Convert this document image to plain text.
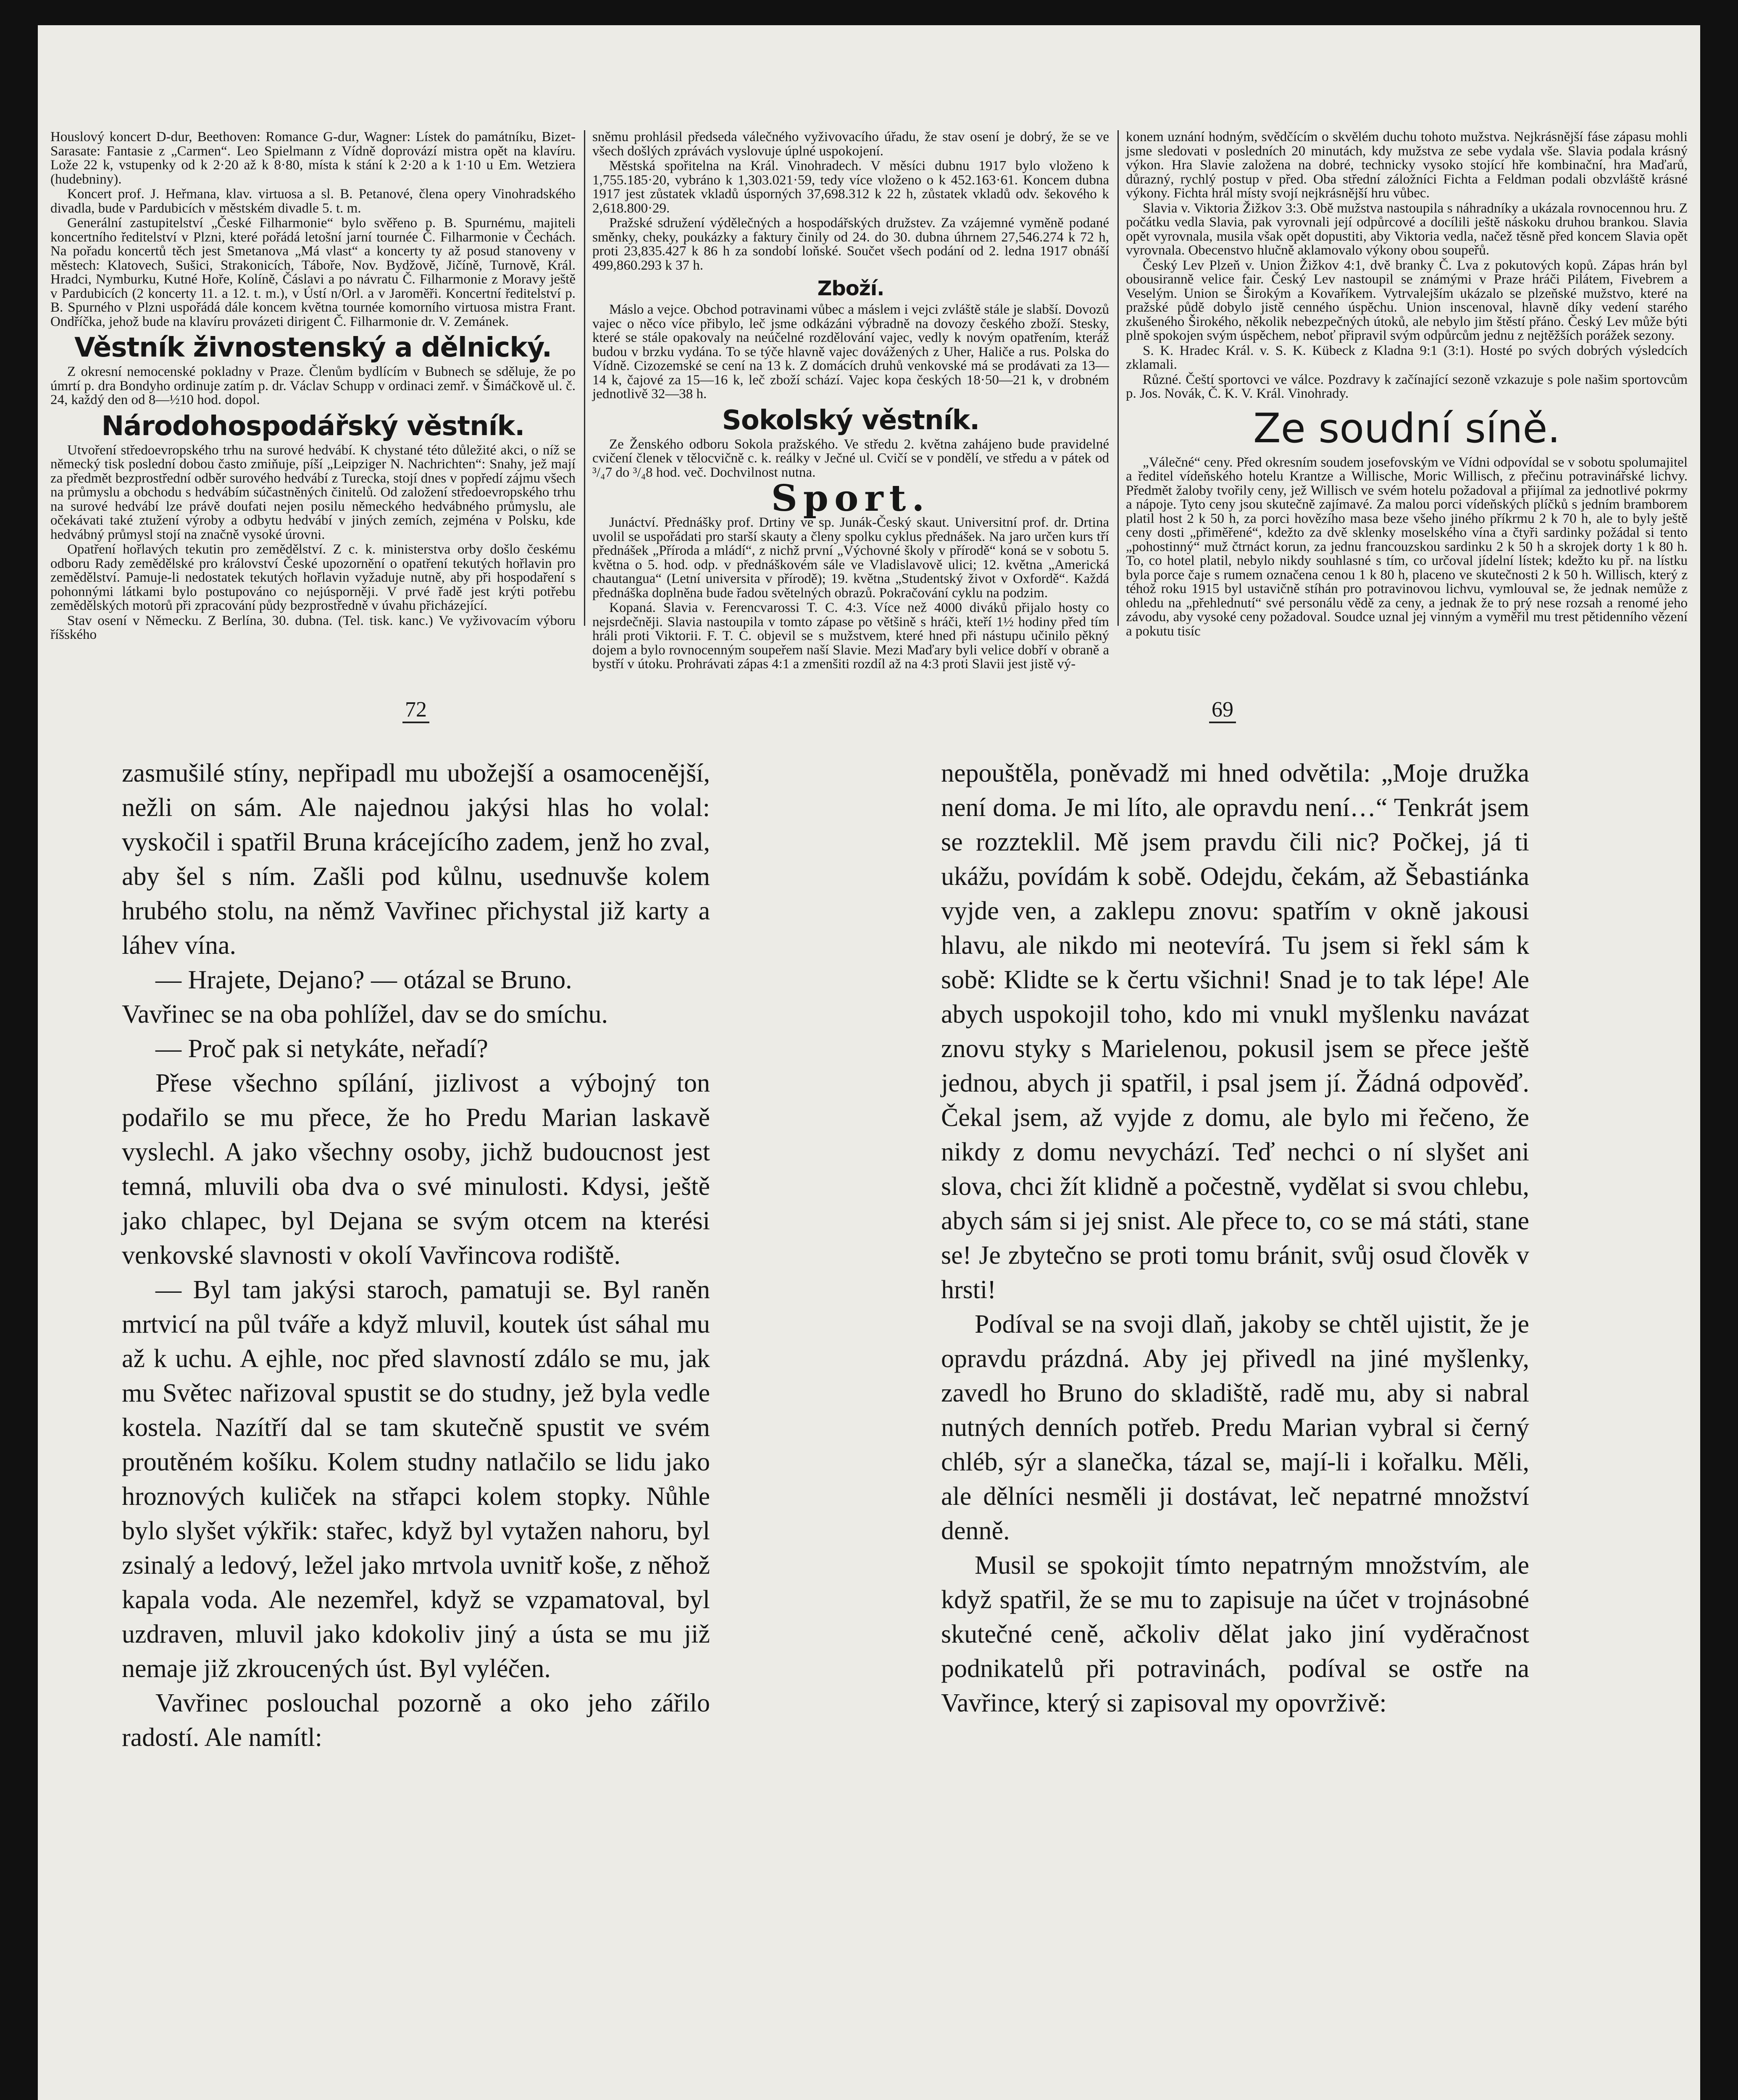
Houslový koncert D-dur, Beethoven: Romance G-dur, Wagner: Lístek do památníku, Bizet-Sarasate: Fantasie z „Carmen“. Leo Spielmann z Vídně doprovází mistra opět na klavíru. Lože 22 k, vstupenky od k 2·20 až k 8·80, místa k stání k 2·20 a k 1·10 u Em. Wetziera (hudebniny).

Koncert prof. J. Heřmana, klav. virtuosa a sl. B. Petanové, člena opery Vinohradského divadla, bude v Pardubicích v městském divadle 5. t. m.

Generální zastupitelství „České Filharmonie“ bylo svěřeno p. B. Spurnému, majiteli koncertního ředitelství v Plzni, které pořádá letošní jarní tournée Č. Filharmonie v Čechách. Na pořadu koncertů těch jest Smetanova „Má vlast“ a koncerty ty až posud stanoveny v městech: Klatovech, Sušici, Strakonicích, Táboře, Nov. Bydžově, Jičíně, Turnově, Král. Hradci, Nymburku, Kutné Hoře, Kolíně, Čáslavi a po návratu Č. Filharmonie z Moravy ještě v Pardubicích (2 koncerty 11. a 12. t. m.), v Ústí n/Orl. a v Jaroměři. Koncertní ředitelství p. B. Spurného v Plzni uspořádá dále koncem května tournée komorního virtuosa mistra Frant. Ondříčka, jehož bude na klavíru provázeti dirigent Č. Filharmonie dr. V. Zemánek.

Věstník živnostenský a dělnický.

Z okresní nemocenské pokladny v Praze. Členům bydlícím v Bubnech se sděluje, že po úmrtí p. dra Bondyho ordinuje zatím p. dr. Václav Schupp v ordinaci zemř. v Šimáčkově ul. č. 24, každý den od 8—½10 hod. dopol.

Národohospodářský věstník.

Utvoření středoevropského trhu na surové hedvábí. K chystané této důležité akci, o níž se německý tisk poslední dobou často zmiňuje, píší „Leipziger N. Nachrichten“: Snahy, jež mají za předmět bezprostřední odběr surového hedvábí z Turecka, stojí dnes v popředí zájmu všech na průmyslu a obchodu s hedvábím súčastněných činitelů. Od založení středoevropského trhu na surové hedvábí lze právě doufati nejen posilu německého hedvábného průmyslu, ale očekávati také ztužení výroby a odbytu hedvábí v jiných zemích, zejména v Polsku, kde hedvábný průmysl stojí na značně vysoké úrovni.

Opatření hořlavých tekutin pro zemědělství. Z c. k. ministerstva orby došlo českému odboru Rady zemědělské pro království České upozornění o opatření tekutých hořlavin pro zemědělství. Pamuje-li nedostatek tekutých hořlavin vyžaduje nutně, aby při hospodaření s pohonnými látkami bylo postupováno co nejúsporněji. V prvé řadě jest krýti potřebu zemědělských motorů při zpracování půdy bezprostředně v úvahu přicházející.

Stav osení v Německu. Z Berlína, 30. dubna. (Tel. tisk. kanc.) Ve vyživovacím výboru říšského

sněmu prohlásil předseda válečného vyživovacího úřadu, že stav osení je dobrý, že se ve všech došlých zprávách vyslovuje úplné uspokojení.

Městská spořitelna na Král. Vinohradech. V měsíci dubnu 1917 bylo vloženo k 1,755.185·20, vybráno k 1,303.021·59, tedy více vloženo o k 452.163·61. Koncem dubna 1917 jest zůstatek vkladů úsporných 37,698.312 k 22 h, zůstatek vkladů odv. šekového k 2,618.800·29.

Pražské sdružení výdělečných a hospodářských družstev. Za vzájemné vyměně podané směnky, cheky, poukázky a faktury činily od 24. do 30. dubna úhrnem 27,546.274 k 72 h, proti 23,835.427 k 86 h za sondobí loňské. Součet všech podání od 2. ledna 1917 obnáší 499,860.293 k 37 h.

Zboží.

Máslo a vejce. Obchod potravinami vůbec a máslem i vejci zvláště stále je slabší. Dovozů vajec o něco více přibylo, leč jsme odkázáni výbradně na dovozy českého zboží. Stesky, které se stále opakovaly na neúčelné rozdělování vajec, vedly k novým opatřením, kteráž budou v brzku vydána. To se týče hlavně vajec dovážených z Uher, Haliče a rus. Polska do Vídně. Cizozemské se cení na 13 k. Z domácích druhů venkovské má se prodávati za 13—14 k, čajové za 15—16 k, leč zboží schází. Vajec kopa českých 18·50—21 k, v drobném jednotlivě 32—38 h.

Sokolský věstník.

Ze Ženského odboru Sokola pražského. Ve středu 2. května zahájeno bude pravidelné cvičení členek v tělocvičně c. k. reálky v Ječné ul. Cvičí se v pondělí, ve středu a v pátek od ³/₄7 do ³/₄8 hod. več. Dochvilnost nutna.

Sport.

Junáctví. Přednášky prof. Drtiny ve sp. Junák-Český skaut. Universitní prof. dr. Drtina uvolil se uspořádati pro starší skauty a členy spolku cyklus přednášek. Na jaro určen kurs tří přednášek „Příroda a mládí“, z nichž první „Výchovné školy v přírodě“ koná se v sobotu 5. května o 5. hod. odp. v přednáškovém sále ve Vladislavově ulici; 12. května „Americká chautangua“ (Letní universita v přírodě); 19. května „Studentský život v Oxfordě“. Každá přednáška doplněna bude řadou světelných obrazů. Pokračování cyklu na podzim.

Kopaná. Slavia v. Ferencvarossi T. C. 4:3. Více než 4000 diváků přijalo hosty co nejsrdečněji. Slavia nastoupila v tomto zápase po většině s hráči, kteří 1½ hodiny před tím hráli proti Viktorii. F. T. C. objevil se s mužstvem, které hned při nástupu učinilo pěkný dojem a bylo rovnocenným soupeřem naší Slavie. Mezi Maďary byli velice dobří v obraně a bystří v útoku. Prohrávati zápas 4:1 a zmenšiti rozdíl až na 4:3 proti Slavii jest jistě vý-

konem uznání hodným, svědčícím o skvělém duchu tohoto mužstva. Nejkrásnější fáse zápasu mohli jsme sledovati v posledních 20 minutách, kdy mužstva ze sebe vydala vše. Slavia podala krásný výkon. Hra Slavie založena na dobré, technicky vysoko stojící hře kombinační, hra Maďarů, důrazný, rychlý postup v před. Oba střední záložníci Fichta a Feldman podali obzvláště krásné výkony. Fichta hrál místy svojí nejkrásnější hru vůbec.

Slavia v. Viktoria Žižkov 3:3. Obě mužstva nastoupila s náhradníky a ukázala rovnocennou hru. Z počátku vedla Slavia, pak vyrovnali její odpůrcové a docílili ještě náskoku druhou brankou. Slavia opět vyrovnala, musila však opět dopustiti, aby Viktoria vedla, načež těsně před koncem Slavia opět vyrovnala. Obecenstvo hlučně aklamovalo výkony obou soupeřů.

Český Lev Plzeň v. Union Žižkov 4:1, dvě branky Č. Lva z pokutových kopů. Zápas hrán byl obousiranně velice fair. Český Lev nastoupil se známými v Praze hráči Pilátem, Fivebrem a Veselým. Union se Širokým a Kovaříkem. Vytrvalejším ukázalo se plzeňské mužstvo, které na pražské půdě dobylo jistě cenného úspěchu. Union inscenoval, hlavně díky vedení starého zkušeného Širokého, několik nebezpečných útoků, ale nebylo jim štěstí přáno. Český Lev může býti plně spokojen svým úspěchem, neboť připravil svým odpůrcům jednu z nejtěžších porážek sezony.

S. K. Hradec Král. v. S. K. Kübeck z Kladna 9:1 (3:1). Hosté po svých dobrých výsledcích zklamali.

Různé. Čeští sportovci ve válce. Pozdravy k začínající sezoně vzkazuje s pole našim sportovcům p. Jos. Novák, Č. K. V. Král. Vinohrady.

Ze soudní síně.

„Válečné“ ceny. Před okresním soudem josefovským ve Vídni odpovídal se v sobotu spolumajitel a ředitel vídeňského hotelu Krantze a Willische, Moric Willisch, z přečinu potravinářské lichvy. Předmět žaloby tvořily ceny, jež Willisch ve svém hotelu požadoval a přijímal za jednotlivé pokrmy a nápoje. Tyto ceny jsou skutečně zajímavé. Za malou porci vídeňských plíčků s jedním bramborem platil host 2 k 50 h, za porci hovězího masa beze všeho jiného příkrmu 2 k 70 h, ale to byly ještě ceny dosti „přiměřené“, kdežto za dvě sklenky moselského vína a čtyři sardinky požádal si tento „pohostinný“ muž čtrnáct korun, za jednu francouzskou sardinku 2 k 50 h a skrojek dorty 1 k 80 h. To, co hotel platil, nebylo nikdy souhlasné s tím, co určoval jídelní lístek; kdežto ku př. na lístku byla porce čaje s rumem označena cenou 1 k 80 h, placeno ve skutečnosti 2 k 50 h. Willisch, který z téhož roku 1915 byl ustavičně stíhán pro potravinovou lichvu, vymlouval se, že jednak nemůže z ohledu na „přehlednutí“ své personálu vědě za ceny, a jednak že to prý nese rozsah a renomé jeho závodu, aby vysoké ceny požadoval. Soudce uznal jej vinným a vyměřil mu trest pětidenního vězení a pokutu tisíc

72	69

zasmušilé stíny, nepřipadl mu ubožejší a osamocenější, nežli on sám. Ale najednou jakýsi hlas ho volal: vyskočil i spatřil Bruna krácejícího zadem, jenž ho zval, aby šel s ním. Zašli pod kůlnu, usednuvše kolem hrubého stolu, na němž Vavřinec přichystal již karty a láhev vína.

— Hrajete, Dejano? — otázal se Bruno.

Vavřinec se na oba pohlížel, dav se do smíchu.

— Proč pak si netykáte, neřadí?

Přese všechno spílání, jizlivost a výbojný ton podařilo se mu přece, že ho Predu Marian laskavě vyslechl. A jako všechny osoby, jichž budoucnost jest temná, mluvili oba dva o své minulosti. Kdysi, ještě jako chlapec, byl Dejana se svým otcem na kterési venkovské slavnosti v okolí Vavřincova rodiště.

— Byl tam jakýsi starоch, pamatuji se. Byl raněn mrtvicí na půl tváře a když mluvil, koutek úst sáhal mu až k uchu. A ejhle, noc před slavností zdálo se mu, jak mu Světec nařizoval spustit se do studny, jež byla vedle kostela. Nazítří dal se tam skutečně spustit ve svém proutěném košíku. Kolem studny natlačilo se lidu jako hroznových kuliček na střapci kolem stopky. Nůhle bylo slyšet výkřik: stařec, když byl vytažen nahoru, byl zsinalý a ledový, ležel jako mrtvola uvnitř koše, z něhož kapala voda. Ale nezemřel, když se vzpamatoval, byl uzdraven, mluvil jako kdokoliv jiný a ústa se mu již nemaje již zkroucených úst. Byl vyléčen.

Vavřinec poslouchal pozorně a oko jeho zářilo radostí. Ale namítl:

nepouštěla, poněvadž mi hned odvětila: „Moje družka není doma. Je mi líto, ale opravdu není…“ Tenkrát jsem se rozzteklil. Mě jsem pravdu čili nic? Počkej, já ti ukážu, povídám k sobě. Odejdu, čekám, až Šebastiánka vyjde ven, a zaklepu znovu: spatřím v okně jakousi hlavu, ale nikdo mi neotevírá. Tu jsem si řekl sám k sobě: Klidte se k čertu všichni! Snad je to tak lépe! Ale abych uspokojil toho, kdo mi vnukl myšlenku navázat znovu styky s Marielenou, pokusil jsem se přece ještě jednou, abych ji spatřil, i psal jsem jí. Žádná odpověď. Čekal jsem, až vyjde z domu, ale bylo mi řečeno, že nikdy z domu nevychází. Teď nechci o ní slyšet ani slova, chci žít klidně a počestně, vydělat si svou chlebu, abych sám si jej snist. Ale přece to, co se má státi, stane se! Je zbytečno se proti tomu bránit, svůj osud člověk v hrsti!

Podíval se na svoji dlaň, jakoby se chtěl ujistit, že je opravdu prázdná. Aby jej přivedl na jiné myšlenky, zavedl ho Bruno do skladiště, radě mu, aby si nabral nutných denních potřeb. Predu Marian vybral si černý chléb, sýr a slanečka, tázal se, mají-li i kořalku. Měli, ale dělníci nesměli ji dostávat, leč nepatrné množství denně.

Musil se spokojit tímto nepatrným množstvím, ale když spatřil, že se mu to zapisuje na účet v trojnásobné skutečné ceně, ačkoliv dělat jako jiní vyděračnost podnikatelů při potravinách, podíval se ostře na Vavřince, který si zapisoval my opovrživě:
